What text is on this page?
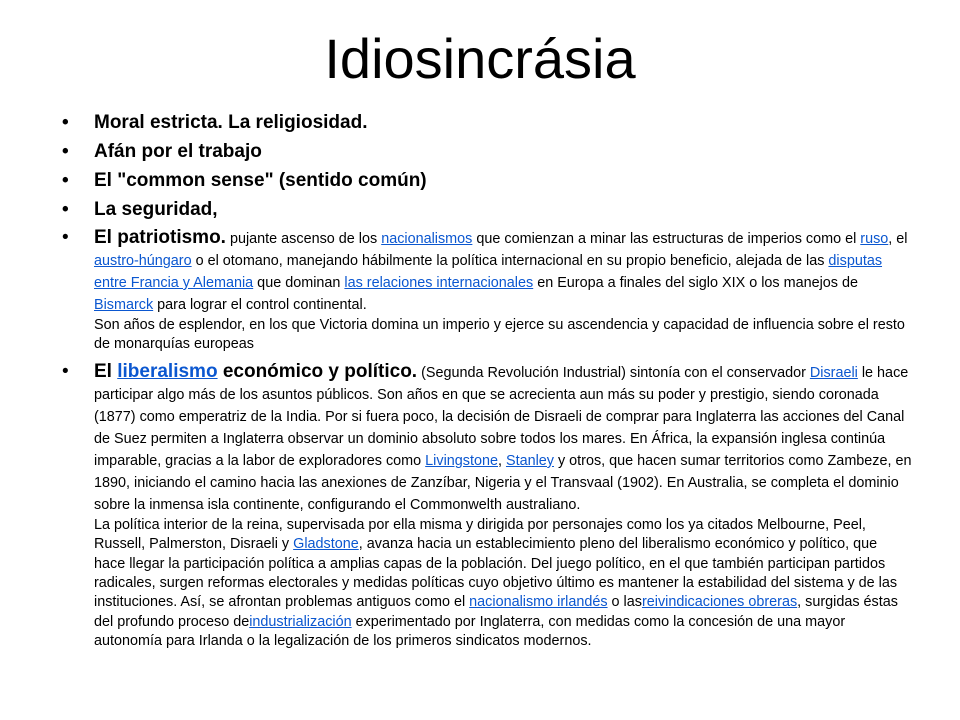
Idiosincrásia
• Moral estricta. La religiosidad.
• Afán por el trabajo
• El "common sense" (sentido común)
• La seguridad,
• El patriotismo. pujante ascenso de los nacionalismos que comienzan a minar las estructuras de imperios como el ruso, el austro-húngaro o el otomano, manejando hábilmente la política internacional en su propio beneficio, alejada de las disputas entre Francia y Alemania que dominan las relaciones internacionales en Europa a finales del siglo XIX o los manejos de Bismarck para lograr el control continental.
Son años de esplendor, en los que Victoria domina un imperio y ejerce su ascendencia y capacidad de influencia sobre el resto de monarquías europeas
• El liberalismo económico y político. (Segunda Revolución Industrial) sintonía con el conservador Disraeli le hace participar algo más de los asuntos públicos. Son años en que se acrecienta aun más su poder y prestigio, siendo coronada (1877) como emperatriz de la India. Por si fuera poco, la decisión de Disraeli de comprar para Inglaterra las acciones del Canal de Suez permiten a Inglaterra observar un dominio absoluto sobre todos los mares. En África, la expansión inglesa continúa imparable, gracias a la labor de exploradores como Livingstone, Stanley y otros, que hacen sumar territorios como Zambeze, en 1890, iniciando el camino hacia las anexiones de Zanzíbar, Nigeria y el Transvaal (1902). En Australia, se completa el dominio sobre la inmensa isla continente, configurando el Commonwelth australiano.
La política interior de la reina, supervisada por ella misma y dirigida por personajes como los ya citados Melbourne, Peel, Russell, Palmerston, Disraeli y Gladstone, avanza hacia un establecimiento pleno del liberalismo económico y político, que hace llegar la participación política a amplias capas de la población. Del juego político, en el que también participan partidos radicales, surgen reformas electorales y medidas políticas cuyo objetivo último es mantener la estabilidad del sistema y de las instituciones. Así, se afrontan problemas antiguos como el nacionalismo irlandés o lasreivindicaciones obreras, surgidas éstas del profundo proceso deindustrialización experimentado por Inglaterra, con medidas como la concesión de una mayor autonomía para Irlanda o la legalización de los primeros sindicatos modernos.
